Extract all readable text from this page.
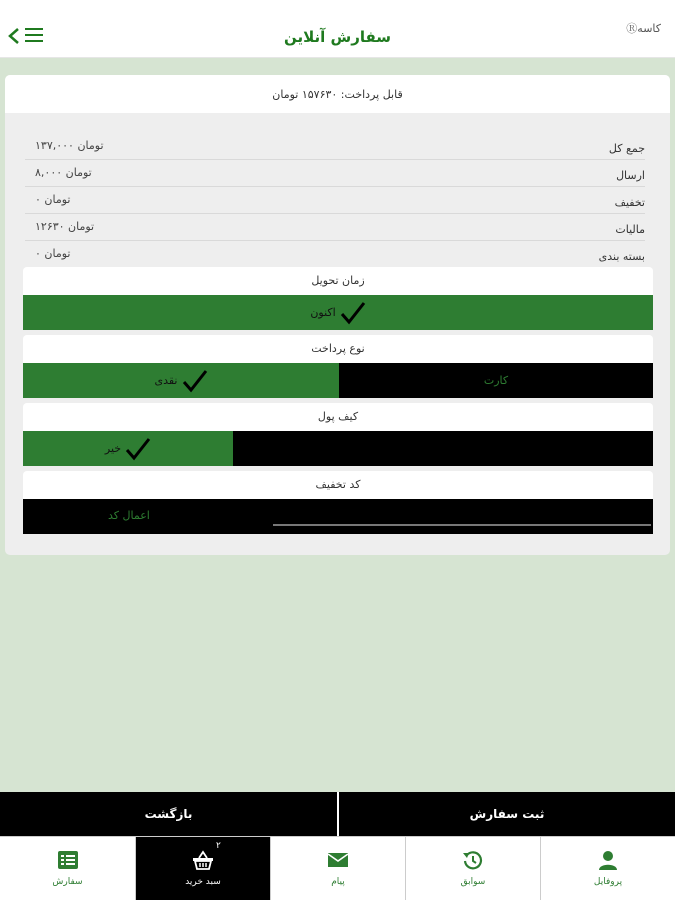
سفارش آنلاین	Ⓡ︎کاسه
قابل پرداخت: ۱۵۷۶۳۰ تومان
جمع کل
۱۳۷,۰۰۰ تومان
ارسال
۸,۰۰۰ تومان
تخفیف
۰ تومان
مالیات
۱۲۶۳۰ تومان
بسته بندی
۰ تومان
زمان تحویل
اکنون
نوع پرداخت
نقدی	کارت
کیف پول
خیر
کد تخفیف
اعمال کد
بازگشت	ثبت سفارش
سفارش
۲
سبد خرید	پیام	سوابق	پروفایل
